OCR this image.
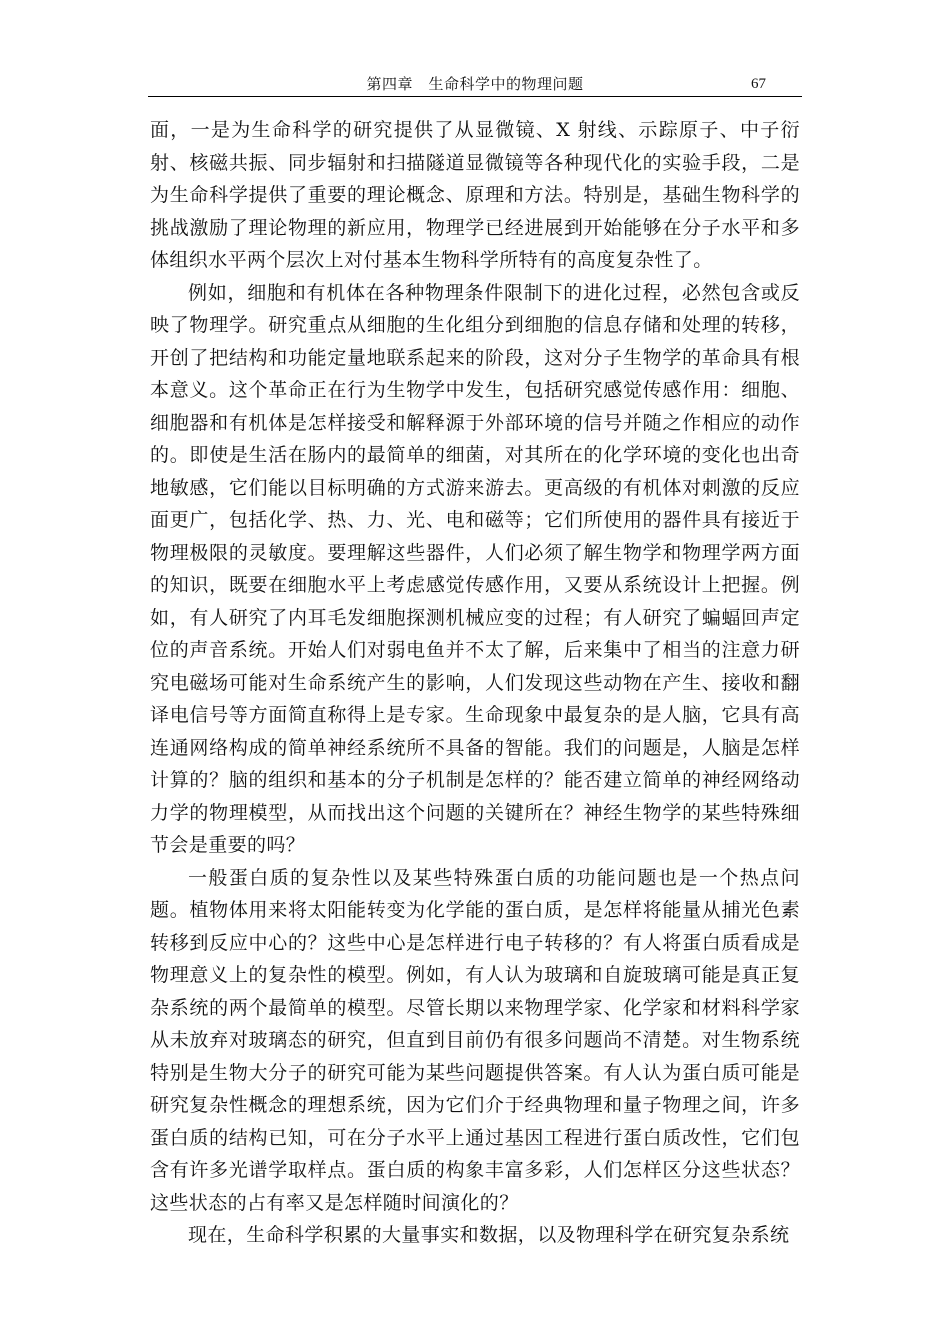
第四章　生命科学中的物理问题	67

面，一是为生命科学的研究提供了从显微镜、X 射线、示踪原子、中子衍射、核磁共振、同步辐射和扫描隧道显微镜等各种现代化的实验手段，二是为生命科学提供了重要的理论概念、原理和方法。特别是，基础生物科学的挑战激励了理论物理的新应用，物理学已经进展到开始能够在分子水平和多体组织水平两个层次上对付基本生物科学所特有的高度复杂性了。

例如，细胞和有机体在各种物理条件限制下的进化过程，必然包含或反映了物理学。研究重点从细胞的生化组分到细胞的信息存储和处理的转移，开创了把结构和功能定量地联系起来的阶段，这对分子生物学的革命具有根本意义。这个革命正在行为生物学中发生，包括研究感觉传感作用：细胞、细胞器和有机体是怎样接受和解释源于外部环境的信号并随之作相应的动作的。即使是生活在肠内的最简单的细菌，对其所在的化学环境的变化也出奇地敏感，它们能以目标明确的方式游来游去。更高级的有机体对刺激的反应面更广，包括化学、热、力、光、电和磁等；它们所使用的器件具有接近于物理极限的灵敏度。要理解这些器件，人们必须了解生物学和物理学两方面的知识，既要在细胞水平上考虑感觉传感作用，又要从系统设计上把握。例如，有人研究了内耳毛发细胞探测机械应变的过程；有人研究了蝙蝠回声定位的声音系统。开始人们对弱电鱼并不太了解，后来集中了相当的注意力研究电磁场可能对生命系统产生的影响，人们发现这些动物在产生、接收和翻译电信号等方面简直称得上是专家。生命现象中最复杂的是人脑，它具有高连通网络构成的简单神经系统所不具备的智能。我们的问题是，人脑是怎样计算的？脑的组织和基本的分子机制是怎样的？能否建立简单的神经网络动力学的物理模型，从而找出这个问题的关键所在？神经生物学的某些特殊细节会是重要的吗？

一般蛋白质的复杂性以及某些特殊蛋白质的功能问题也是一个热点问题。植物体用来将太阳能转变为化学能的蛋白质，是怎样将能量从捕光色素转移到反应中心的？这些中心是怎样进行电子转移的？有人将蛋白质看成是物理意义上的复杂性的模型。例如，有人认为玻璃和自旋玻璃可能是真正复杂系统的两个最简单的模型。尽管长期以来物理学家、化学家和材料科学家从未放弃对玻璃态的研究，但直到目前仍有很多问题尚不清楚。对生物系统特别是生物大分子的研究可能为某些问题提供答案。有人认为蛋白质可能是研究复杂性概念的理想系统，因为它们介于经典物理和量子物理之间，许多蛋白质的结构已知，可在分子水平上通过基因工程进行蛋白质改性，它们包含有许多光谱学取样点。蛋白质的构象丰富多彩，人们怎样区分这些状态？这些状态的占有率又是怎样随时间演化的？

现在，生命科学积累的大量事实和数据，以及物理科学在研究复杂系统
